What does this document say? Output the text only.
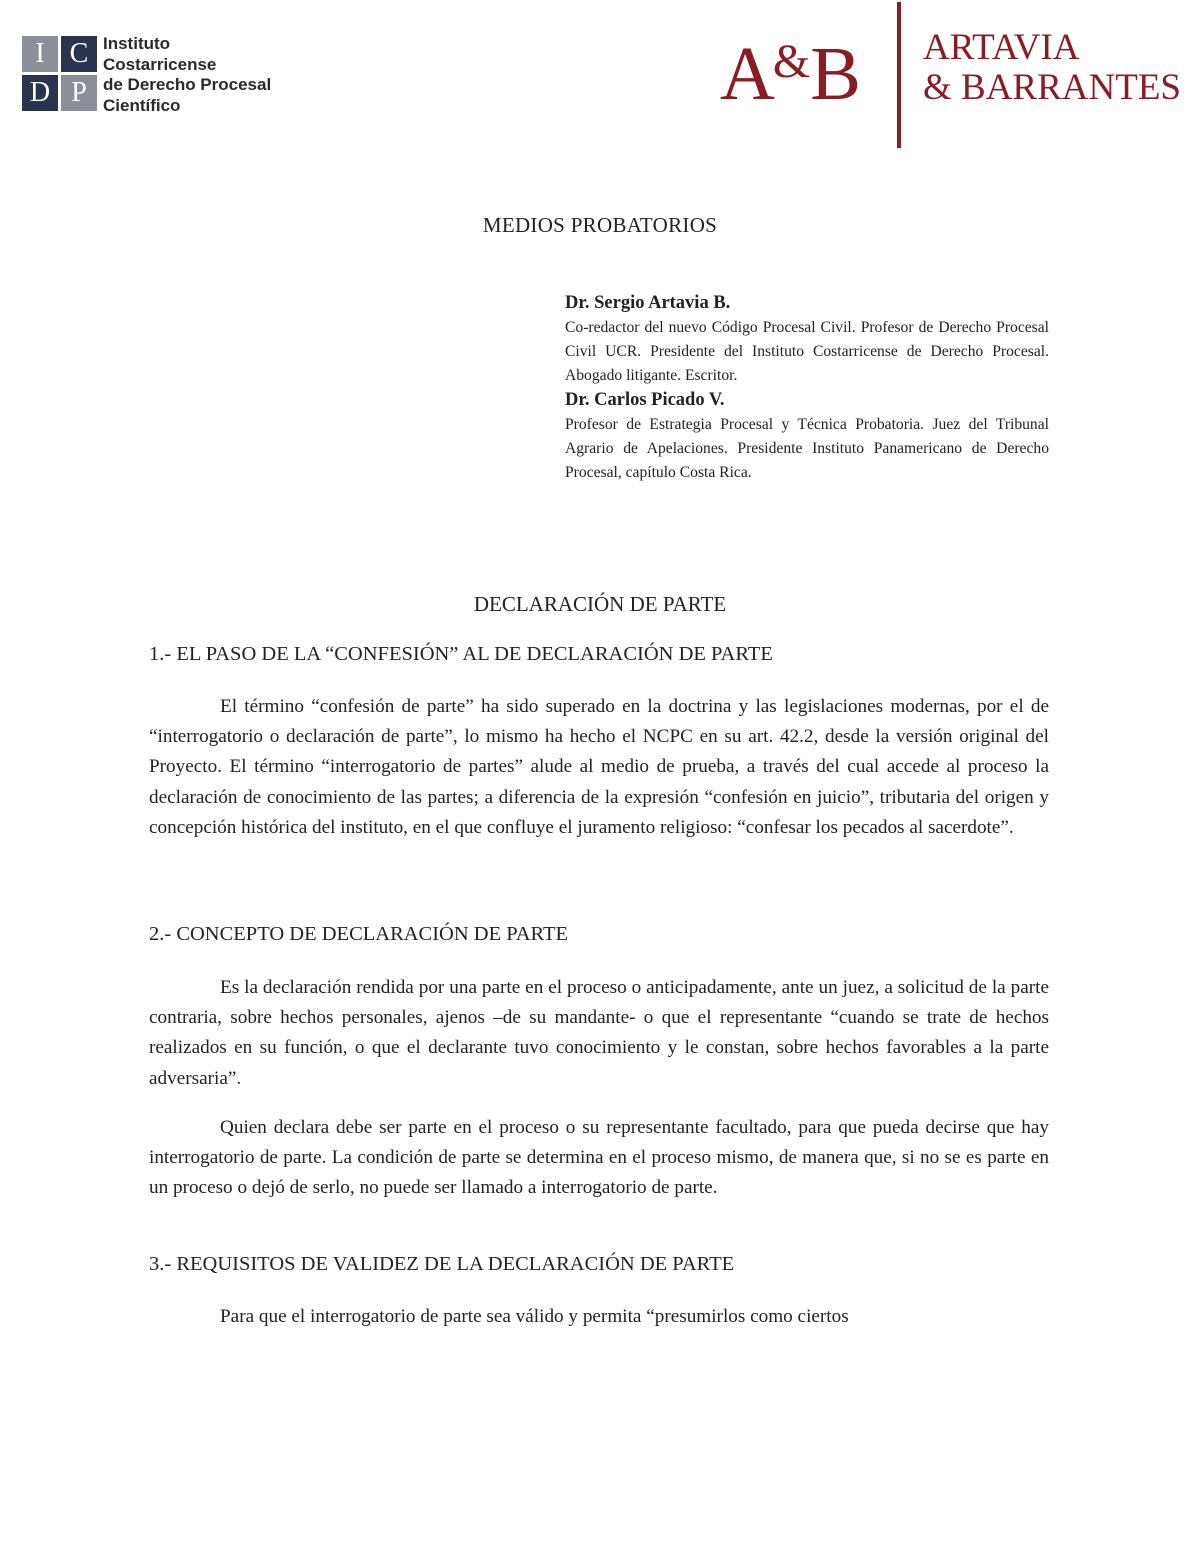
I C
D P
Instituto
Costarricense
de Derecho Procesal
Científico	A&B ARTAVIA
& BARRANTES
MEDIOS PROBATORIOS
Dr. Sergio Artavia B.
Co-redactor del nuevo Código Procesal Civil. Profesor de Derecho Procesal Civil UCR. Presidente del Instituto Costarricense de Derecho Procesal. Abogado litigante. Escritor.
Dr. Carlos Picado V.
Profesor de Estrategia Procesal y Técnica Probatoria. Juez del Tribunal Agrario de Apelaciones. Presidente Instituto Panamericano de Derecho Procesal, capítulo Costa Rica.
DECLARACIÓN DE PARTE
1.- EL PASO DE LA “CONFESIÓN” AL DE DECLARACIÓN DE PARTE
El término “confesión de parte” ha sido superado en la doctrina y las legislaciones modernas, por el de “interrogatorio o declaración de parte”, lo mismo ha hecho el NCPC en su art. 42.2, desde la versión original del Proyecto. El término “interrogatorio de partes” alude al medio de prueba, a través del cual accede al proceso la declaración de conocimiento de las partes; a diferencia de la expresión “confesión en juicio”, tributaria del origen y concepción histórica del instituto, en el que confluye el juramento religioso: “confesar los pecados al sacerdote”.
2.- CONCEPTO DE DECLARACIÓN DE PARTE
Es la declaración rendida por una parte en el proceso o anticipadamente, ante un juez, a solicitud de la parte contraria, sobre hechos personales, ajenos –de su mandante- o que el representante “cuando se trate de hechos realizados en su función, o que el declarante tuvo conocimiento y le constan, sobre hechos favorables a la parte adversaria”.
Quien declara debe ser parte en el proceso o su representante facultado, para que pueda decirse que hay interrogatorio de parte. La condición de parte se determina en el proceso mismo, de manera que, si no se es parte en un proceso o dejó de serlo, no puede ser llamado a interrogatorio de parte.
3.- REQUISITOS DE VALIDEZ DE LA DECLARACIÓN DE PARTE
Para que el interrogatorio de parte sea válido y permita “presumirlos como ciertos
